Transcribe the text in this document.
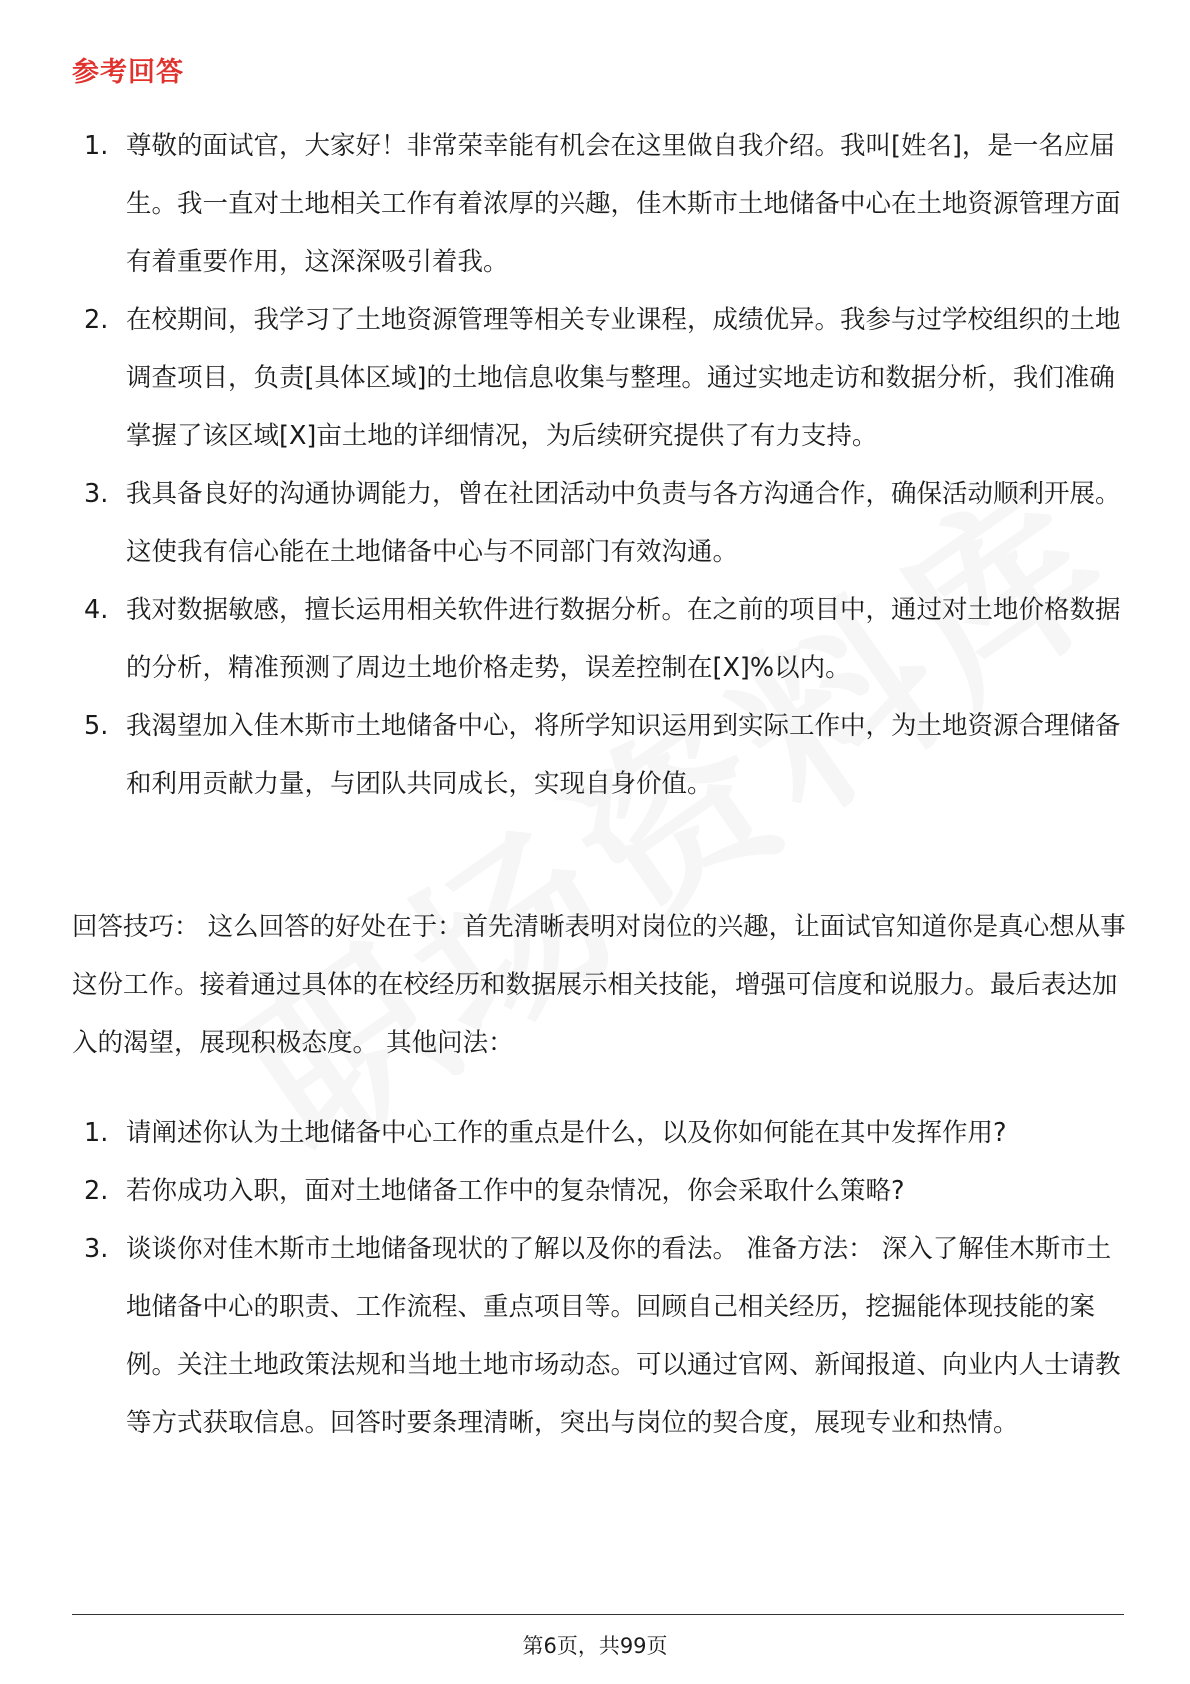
参考回答
1. 尊敬的面试官，大家好！非常荣幸能有机会在这里做自我介绍。我叫[姓名]，是一名应届生。我一直对土地相关工作有着浓厚的兴趣，佳木斯市土地储备中心在土地资源管理方面有着重要作用，这深深吸引着我。
2. 在校期间，我学习了土地资源管理等相关专业课程，成绩优异。我参与过学校组织的土地调查项目，负责[具体区域]的土地信息收集与整理。通过实地走访和数据分析，我们准确掌握了该区域[X]亩土地的详细情况，为后续研究提供了有力支持。
3. 我具备良好的沟通协调能力，曾在社团活动中负责与各方沟通合作，确保活动顺利开展。这使我有信心能在土地储备中心与不同部门有效沟通。
4. 我对数据敏感，擅长运用相关软件进行数据分析。在之前的项目中，通过对土地价格数据的分析，精准预测了周边土地价格走势，误差控制在[X]%以内。
5. 我渴望加入佳木斯市土地储备中心，将所学知识运用到实际工作中，为土地资源合理储备和利用贡献力量，与团队共同成长，实现自身价值。

回答技巧： 这么回答的好处在于：首先清晰表明对岗位的兴趣，让面试官知道你是真心想从事这份工作。接着通过具体的在校经历和数据展示相关技能，增强可信度和说服力。最后表达加入的渴望，展现积极态度。 其他问法：

1. 请阐述你认为土地储备中心工作的重点是什么，以及你如何能在其中发挥作用?
2. 若你成功入职，面对土地储备工作中的复杂情况，你会采取什么策略?
3. 谈谈你对佳木斯市土地储备现状的了解以及你的看法。 准备方法： 深入了解佳木斯市土地储备中心的职责、工作流程、重点项目等。回顾自己相关经历，挖掘能体现技能的案例。关注土地政策法规和当地土地市场动态。可以通过官网、新闻报道、向业内人士请教等方式获取信息。回答时要条理清晰，突出与岗位的契合度，展现专业和热情。
第6页，共99页
